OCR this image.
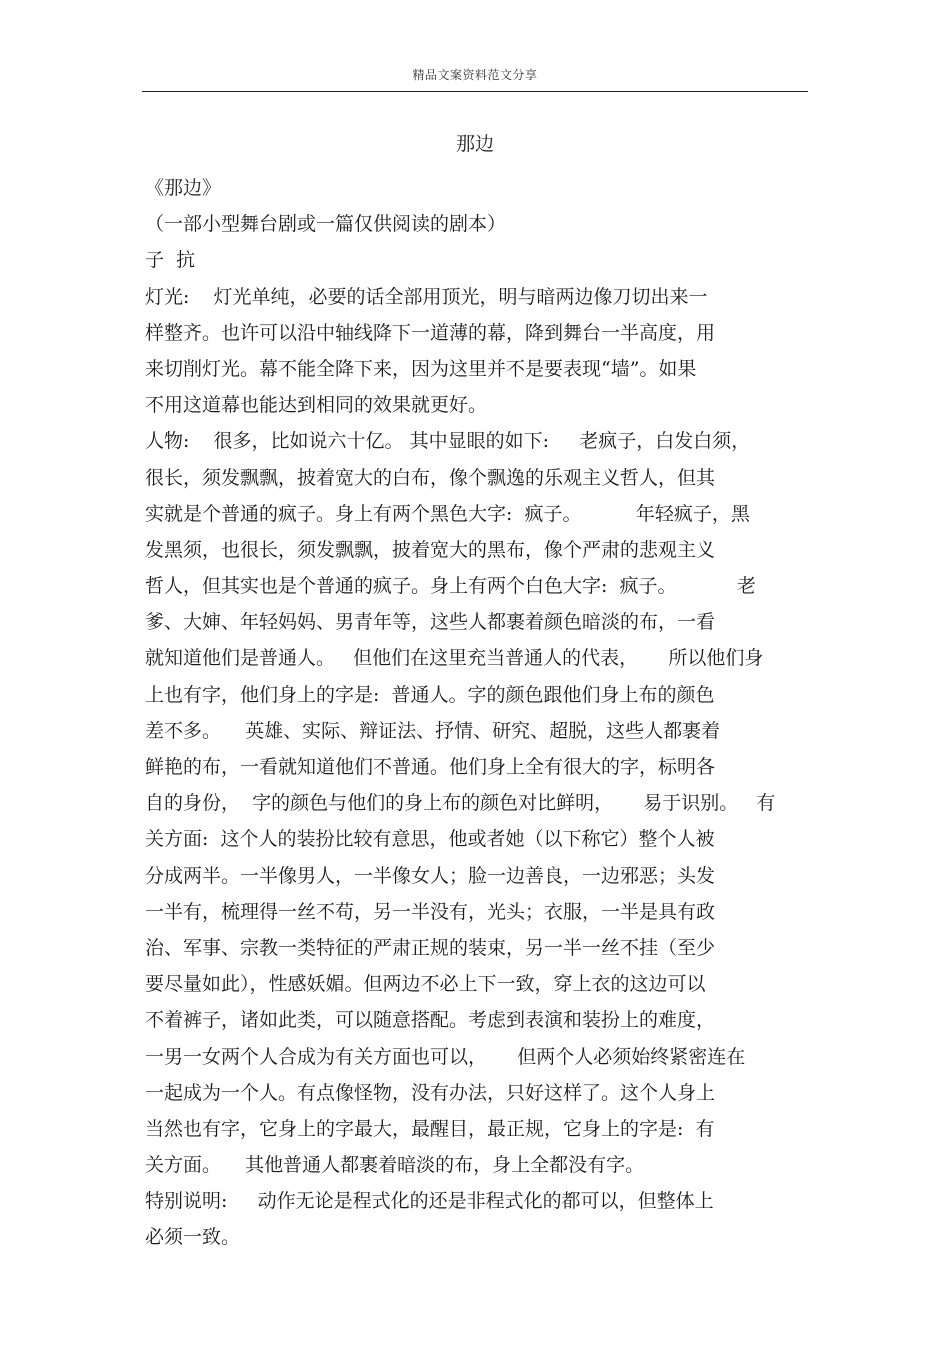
精品文案资料范文分享
那边
《那边》
（一部小型舞台剧或一篇仅供阅读的剧本）
子  抗
灯光:    灯光单纯，必要的话全部用顶光，明与暗两边像刀切出来一
样整齐。也许可以沿中轴线降下一道薄的幕，降到舞台一半高度，用
来切削灯光。幕不能全降下来，因为这里并不是要表现“墙”。如果
不用这道幕也能达到相同的效果就更好。
人物:    很多，比如说六十亿。 其中显眼的如下:     老疯子，白发白须，
很长，须发飘飘，披着宽大的白布，像个飘逸的乐观主义哲人，但其
实就是个普通的疯子。身上有两个黑色大字:  疯子。         年轻疯子，黑
发黑须，也很长，须发飘飘，披着宽大的黑布，像个严肃的悲观主义
哲人，但其实也是个普通的疯子。身上有两个白色大字:  疯子。          老
爹、大婶、年轻妈妈、男青年等，这些人都裹着颜色暗淡的布，一看
就知道他们是普通人。   但他们在这里充当普通人的代表，     所以他们身
上也有字，他们身上的字是:  普通人。字的颜色跟他们身上布的颜色
差不多。    英雄、实际、辩证法、抒情、研究、超脱，这些人都裹着
鲜艳的布，一看就知道他们不普通。他们身上全有很大的字，标明各
自的身份，  字的颜色与他们的身上布的颜色对比鲜明，     易于识别。   有
关方面:  这个人的装扮比较有意思，他或者她（以下称它）整个人被
分成两半。一半像男人，一半像女人；脸一边善良，一边邪恶；头发
一半有，梳理得一丝不苟，另一半没有，光头；衣服，一半是具有政
治、军事、宗教一类特征的严肃正规的装束，另一半一丝不挂（至少
要尽量如此），性感妖媚。但两边不必上下一致，穿上衣的这边可以
不着裤子，诸如此类，可以随意搭配。考虑到表演和装扮上的难度，
一男一女两个人合成为有关方面也可以，     但两个人必须始终紧密连在
一起成为一个人。有点像怪物，没有办法，只好这样了。这个人身上
当然也有字，它身上的字最大，最醒目，最正规，它身上的字是:  有
关方面。    其他普通人都裹着暗淡的布，身上全都没有字。
特别说明:     动作无论是程式化的还是非程式化的都可以，但整体上
必须一致。
